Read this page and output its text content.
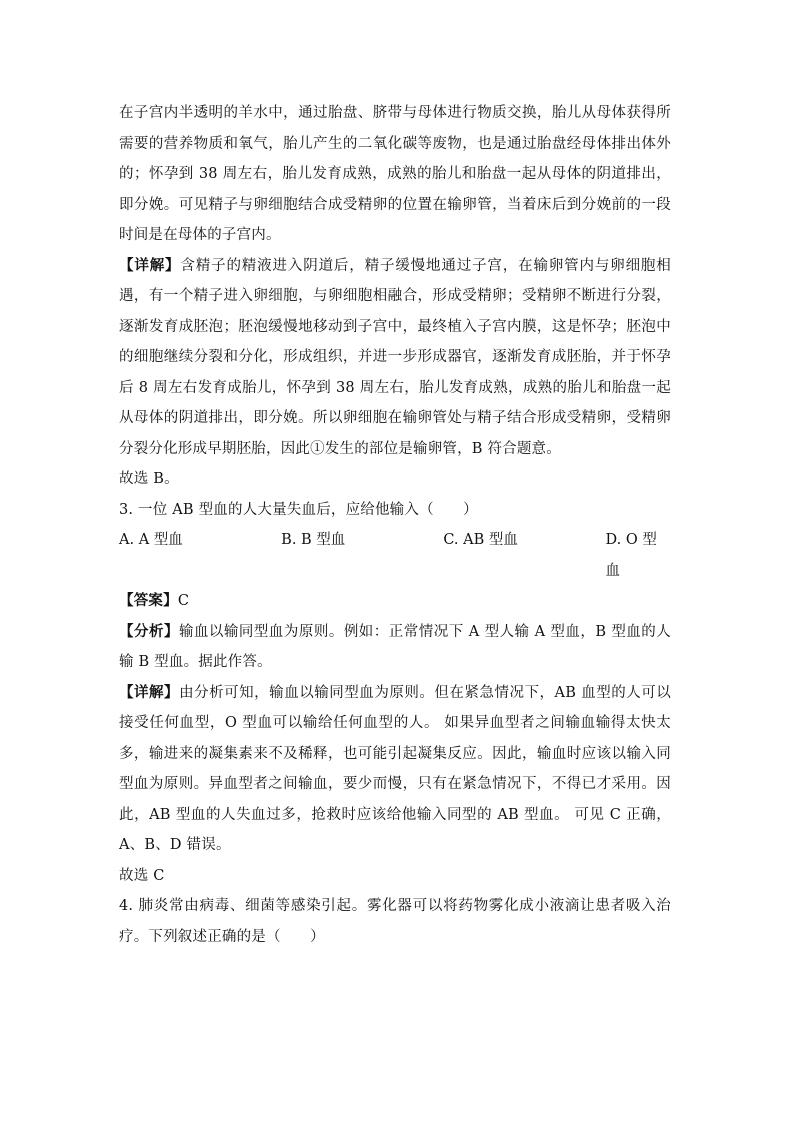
在子宫内半透明的羊水中，通过胎盘、脐带与母体进行物质交换，胎儿从母体获得所需要的营养物质和氧气，胎儿产生的二氧化碳等废物，也是通过胎盘经母体排出体外的；怀孕到 38 周左右，胎儿发育成熟，成熟的胎儿和胎盘一起从母体的阴道排出，即分娩。可见精子与卵细胞结合成受精卵的位置在输卵管，当着床后到分娩前的一段时间是在母体的子宫内。

【详解】含精子的精液进入阴道后，精子缓慢地通过子宫，在输卵管内与卵细胞相遇，有一个精子进入卵细胞，与卵细胞相融合，形成受精卵；受精卵不断进行分裂，逐渐发育成胚泡；胚泡缓慢地移动到子宫中，最终植入子宫内膜，这是怀孕；胚泡中的细胞继续分裂和分化，形成组织，并进一步形成器官，逐渐发育成胚胎，并于怀孕后 8 周左右发育成胎儿，怀孕到 38 周左右，胎儿发育成熟，成熟的胎儿和胎盘一起从母体的阴道排出，即分娩。所以卵细胞在输卵管处与精子结合形成受精卵，受精卵分裂分化形成早期胚胎，因此①发生的部位是输卵管，B 符合题意。

故选 B。

3. 一位 AB 型血的人大量失血后，应给他输入（　　）

A. A 型血	B. B 型血	C. AB 型血	D. O 型血

【答案】C

【分析】输血以输同型血为原则。例如：正常情况下 A 型人输 A 型血，B 型血的人输 B 型血。据此作答。

【详解】由分析可知，输血以输同型血为原则。但在紧急情况下，AB 血型的人可以接受任何血型，O 型血可以输给任何血型的人。 如果异血型者之间输血输得太快太多，输进来的凝集素来不及稀释，也可能引起凝集反应。因此，输血时应该以输入同型血为原则。异血型者之间输血，要少而慢，只有在紧急情况下，不得已才采用。因此，AB 型血的人失血过多，抢救时应该给他输入同型的 AB 型血。 可见 C 正确，A、B、D 错误。

故选 C

4. 肺炎常由病毒、细菌等感染引起。雾化器可以将药物雾化成小液滴让患者吸入治疗。下列叙述正确的是（　　）
